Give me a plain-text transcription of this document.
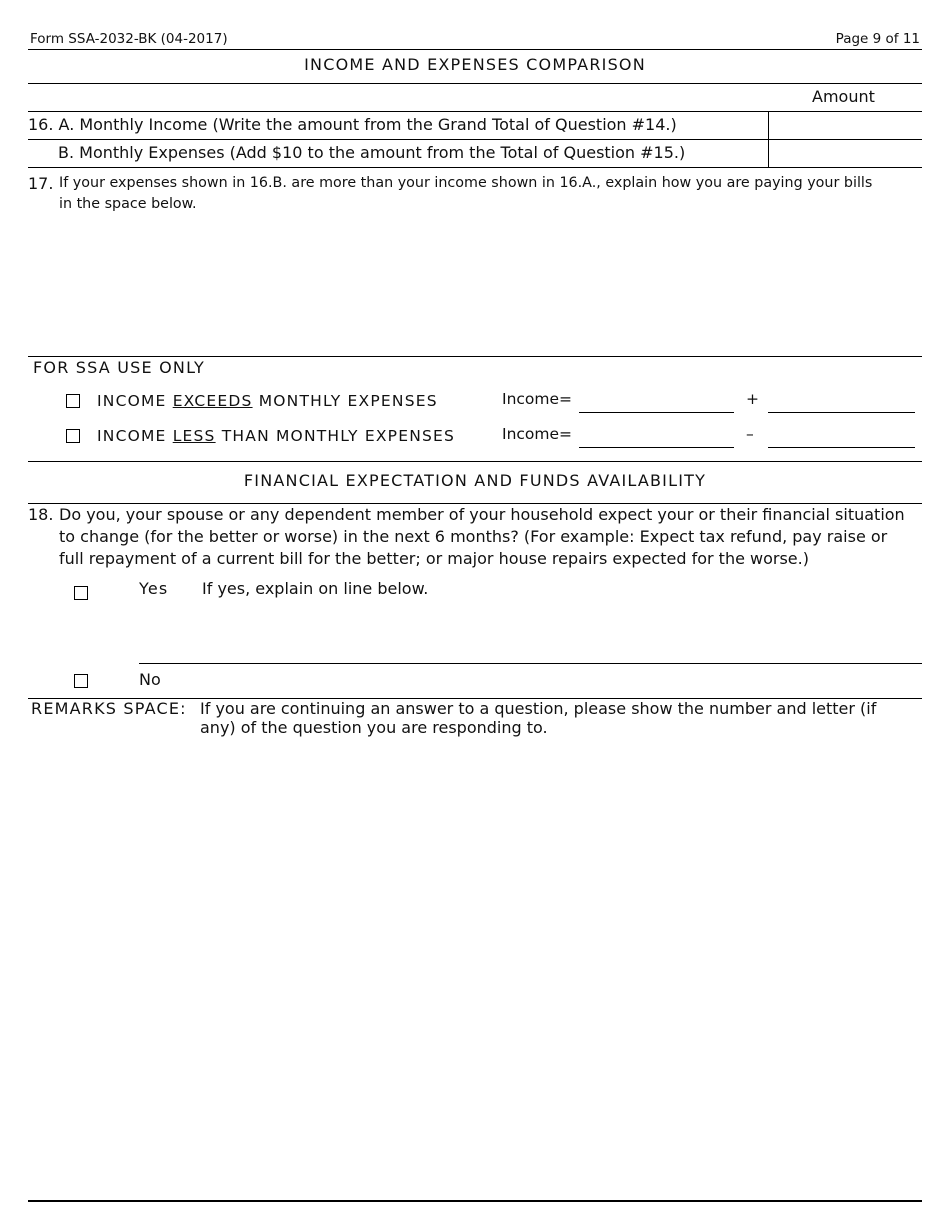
Form SSA-2032-BK (04-2017)	Page 9 of 11
INCOME AND EXPENSES COMPARISON
Amount
16. A. Monthly Income (Write the amount from the Grand Total of Question #14.)
B. Monthly Expenses (Add $10 to the amount from the Total of Question #15.)
17. If your expenses shown in 16.B. are more than your income shown in 16.A., explain how you are paying your bills
in the space below.
FOR SSA USE ONLY
INCOME EXCEEDS MONTHLY EXPENSES	Income=	+
INCOME LESS THAN MONTHLY EXPENSES	Income=	–
FINANCIAL EXPECTATION AND FUNDS AVAILABILITY
18. Do you, your spouse or any dependent member of your household expect your or their financial situation
to change (for the better or worse) in the next 6 months? (For example: Expect tax refund, pay raise or
full repayment of a current bill for the better; or major house repairs expected for the worse.)
Yes If yes, explain on line below.
No
REMARKS SPACE: If you are continuing an answer to a question, please show the number and letter (if
any) of the question you are responding to.
